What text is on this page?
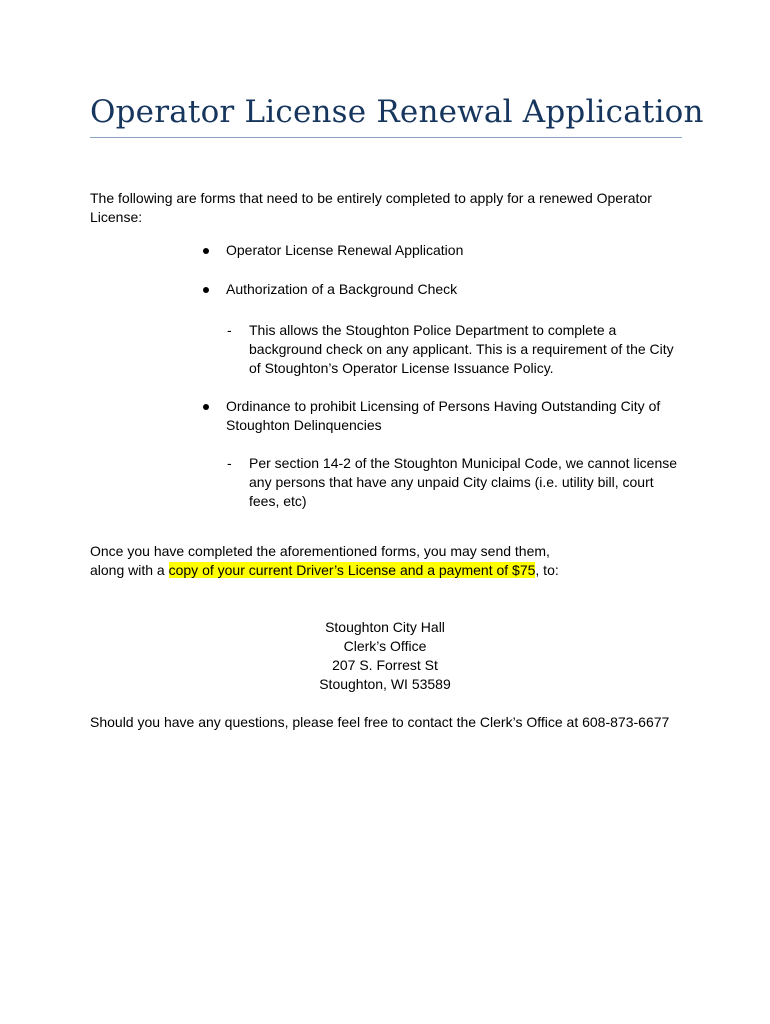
Operator License Renewal Application
The following are forms that need to be entirely completed to apply for a renewed Operator License:
Operator License Renewal Application
Authorization of a Background Check
- This allows the Stoughton Police Department to complete a background check on any applicant. This is a requirement of the City of Stoughton’s Operator License Issuance Policy.
Ordinance to prohibit Licensing of Persons Having Outstanding City of Stoughton Delinquencies
- Per section 14-2 of the Stoughton Municipal Code, we cannot license any persons that have any unpaid City claims (i.e. utility bill, court fees, etc)
Once you have completed the aforementioned forms, you may send them,
along with a copy of your current Driver’s License and a payment of $75, to:
Stoughton City Hall
Clerk’s Office
207 S. Forrest St
Stoughton, WI 53589
Should you have any questions, please feel free to contact the Clerk’s Office at 608-873-6677
